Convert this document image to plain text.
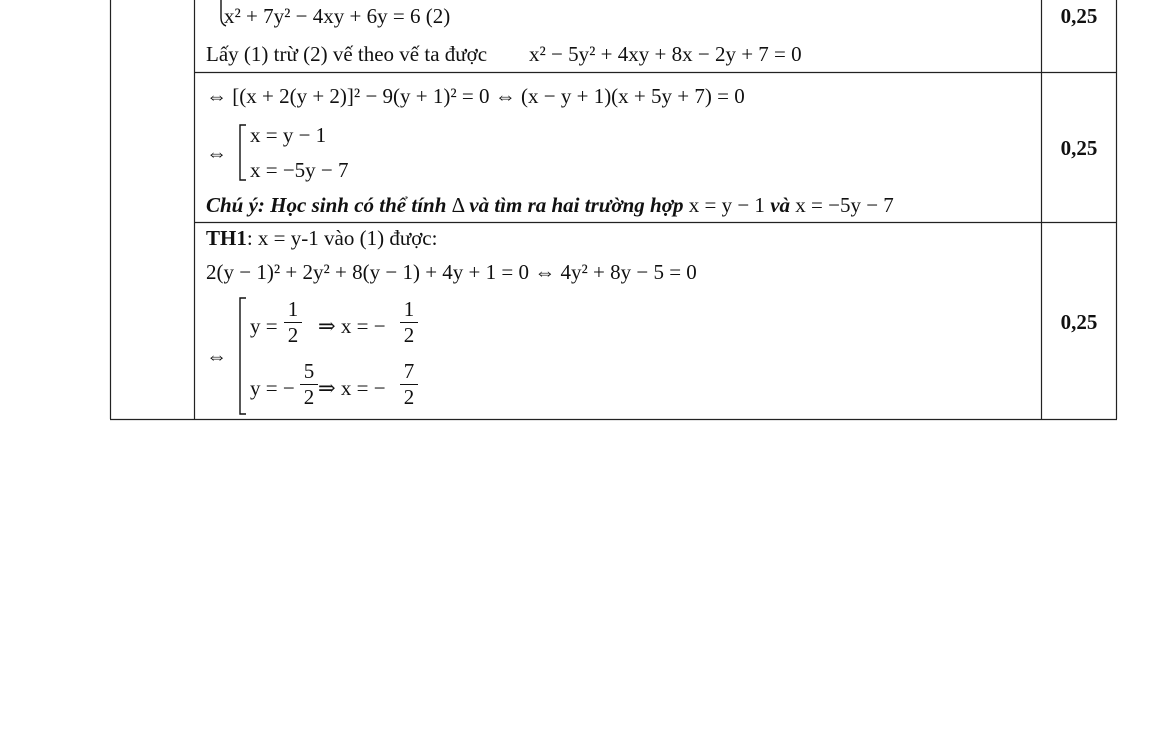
x² + 7y² − 4xy + 6y = 6 (2)
Lấy (1) trừ (2) vế theo vế ta được x² − 5y² + 4xy + 8x − 2y + 7 = 0
0,25
⇔ [(x + 2(y + 2)]² − 9(y + 1)² = 0 ⇔ (x − y + 1)(x + 5y + 7) = 0
⇔
x = y − 1
x = −5y − 7
Chú ý: Học sinh có thể tính Δ và tìm ra hai trường hợp x = y − 1 và x = −5y − 7
0,25
TH1: x = y-1 vào (1) được:
2(y − 1)² + 2y² + 8(y − 1) + 4y + 1 = 0 ⇔ 4y² + 8y − 5 = 0
⇔
y =
1
2 ⇒ x = −
1
2
y = −
5
2 ⇒ x = −
7
2
0,25
